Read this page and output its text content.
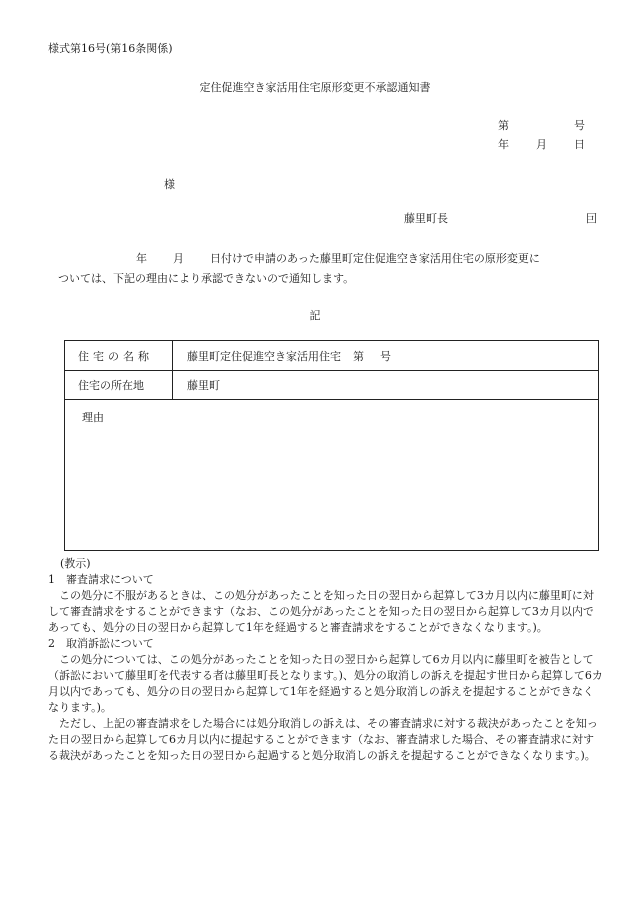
様式第16号(第16条関係)
定住促進空き家活用住宅原形変更不承認通知書
第	号
年 月 日
様
藤里町長	囙
年 月 日付けで申請のあった藤里町定住促進空き家活用住宅の原形変更に
ついては、下記の理由により承認できないので通知します。
記
住宅の名称	藤里町定住促進空き家活用住宅 第 号
住宅の所在地	藤里町
理由

(教示)

1　審査請求について

この処分に不服があるときは、この処分があったことを知った日の翌日から起算して3カ月以内に藤里町に対して審査請求をすることができます（なお、この処分があったことを知った日の翌日から起算して3カ月以内であっても、処分の日の翌日から起算して1年を経過すると審査請求をすることができなくなります。)。

2　取消訴訟について

この処分については、この処分があったことを知った日の翌日から起算して6カ月以内に藤里町を被告として（訴訟において藤里町を代表する者は藤里町長となります。)、処分の取消しの訴えを提起す世日から起算して6カ月以内であっても、処分の日の翌日から起算して1年を経過すると処分取消しの訴えを提起することができなくなります。)。

ただし、上記の審査請求をした場合には処分取消しの訴えは、その審査請求に対する裁決があったことを知った日の翌日から起算して6カ月以内に提起することができます（なお、審査請求した場合、その審査請求に対する裁決があったことを知った日の翌日から起過すると処分取消しの訴えを提起することができなくなります。)。
